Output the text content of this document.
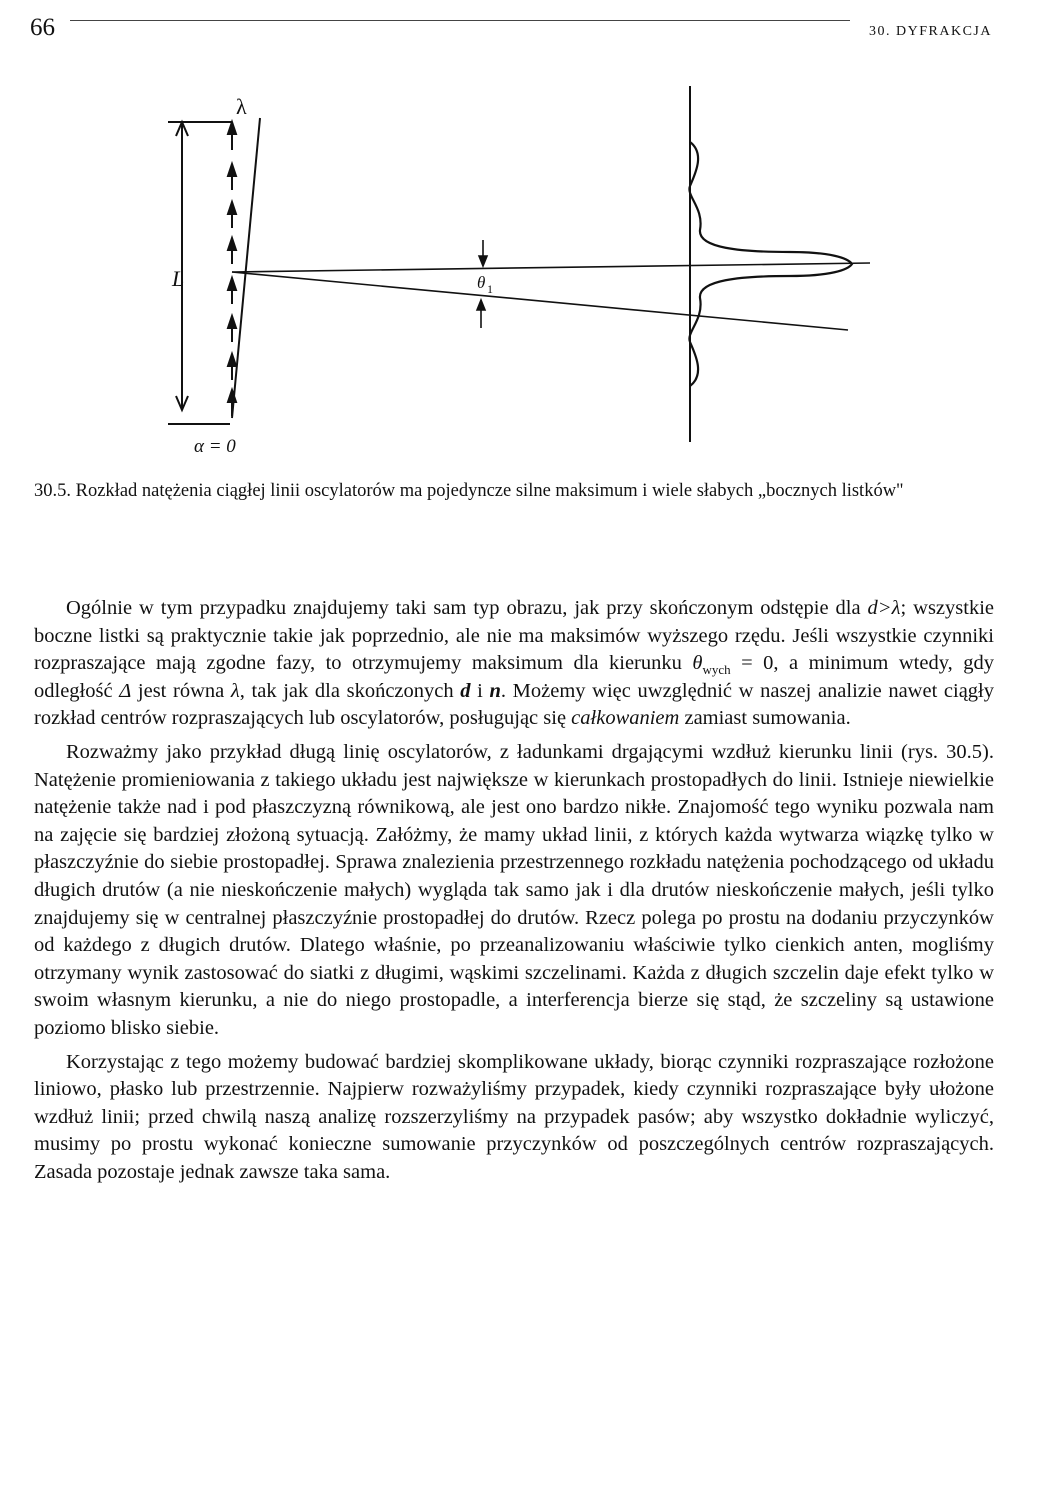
66	30. DYFRAKCJA
λ
L
α = 0
θ 1
30.5. Rozkład natężenia ciągłej linii oscylatorów ma pojedyncze silne maksimum i wiele słabych „bocznych listków"

Ogólnie w tym przypadku znajdujemy taki sam typ obrazu, jak przy skończonym odstępie dla d>λ; wszystkie boczne listki są praktycznie takie jak poprzednio, ale nie ma maksimów wyższego rzędu. Jeśli wszystkie czynniki rozpraszające mają zgodne fazy, to otrzymujemy maksimum dla kierunku $\theta_{wych} = 0$, a minimum wtedy, gdy odległość Δ jest równa λ, tak jak dla skończonych d i n. Możemy więc uwzględnić w naszej analizie nawet ciągły rozkład centrów rozpraszających lub oscylatorów, posługując się całkowaniem zamiast sumowania.

Rozważmy jako przykład długą linię oscylatorów, z ładunkami drgającymi wzdłuż kierunku linii (rys. 30.5). Natężenie promieniowania z takiego układu jest największe w kierunkach prostopadłych do linii. Istnieje niewielkie natężenie także nad i pod płaszczyzną równikową, ale jest ono bardzo nikłe. Znajomość tego wyniku pozwala nam na zajęcie się bardziej złożoną sytuacją. Załóżmy, że mamy układ linii, z których każda wytwarza wiązkę tylko w płaszczyźnie do siebie prostopadłej. Sprawa znalezienia przestrzennego rozkładu natężenia pochodzącego od układu długich drutów (a nie nieskończenie małych) wygląda tak samo jak i dla drutów nieskończenie małych, jeśli tylko znajdujemy się w centralnej płaszczyźnie prostopadłej do drutów. Rzecz polega po prostu na dodaniu przyczynków od każdego z długich drutów. Dlatego właśnie, po przeanalizowaniu właściwie tylko cienkich anten, mogliśmy otrzymany wynik zastosować do siatki z długimi, wąskimi szczelinami. Każda z długich szczelin daje efekt tylko w swoim własnym kierunku, a nie do niego prostopadle, a interferencja bierze się stąd, że szczeliny są ustawione poziomo blisko siebie.

Korzystając z tego możemy budować bardziej skomplikowane układy, biorąc czynniki rozpraszające rozłożone liniowo, płasko lub przestrzennie. Najpierw rozważyliśmy przypadek, kiedy czynniki rozpraszające były ułożone wzdłuż linii; przed chwilą naszą analizę rozszerzyliśmy na przypadek pasów; aby wszystko dokładnie wyliczyć, musimy po prostu wykonać konieczne sumowanie przyczynków od poszczególnych centrów rozpraszających. Zasada pozostaje jednak zawsze taka sama.
